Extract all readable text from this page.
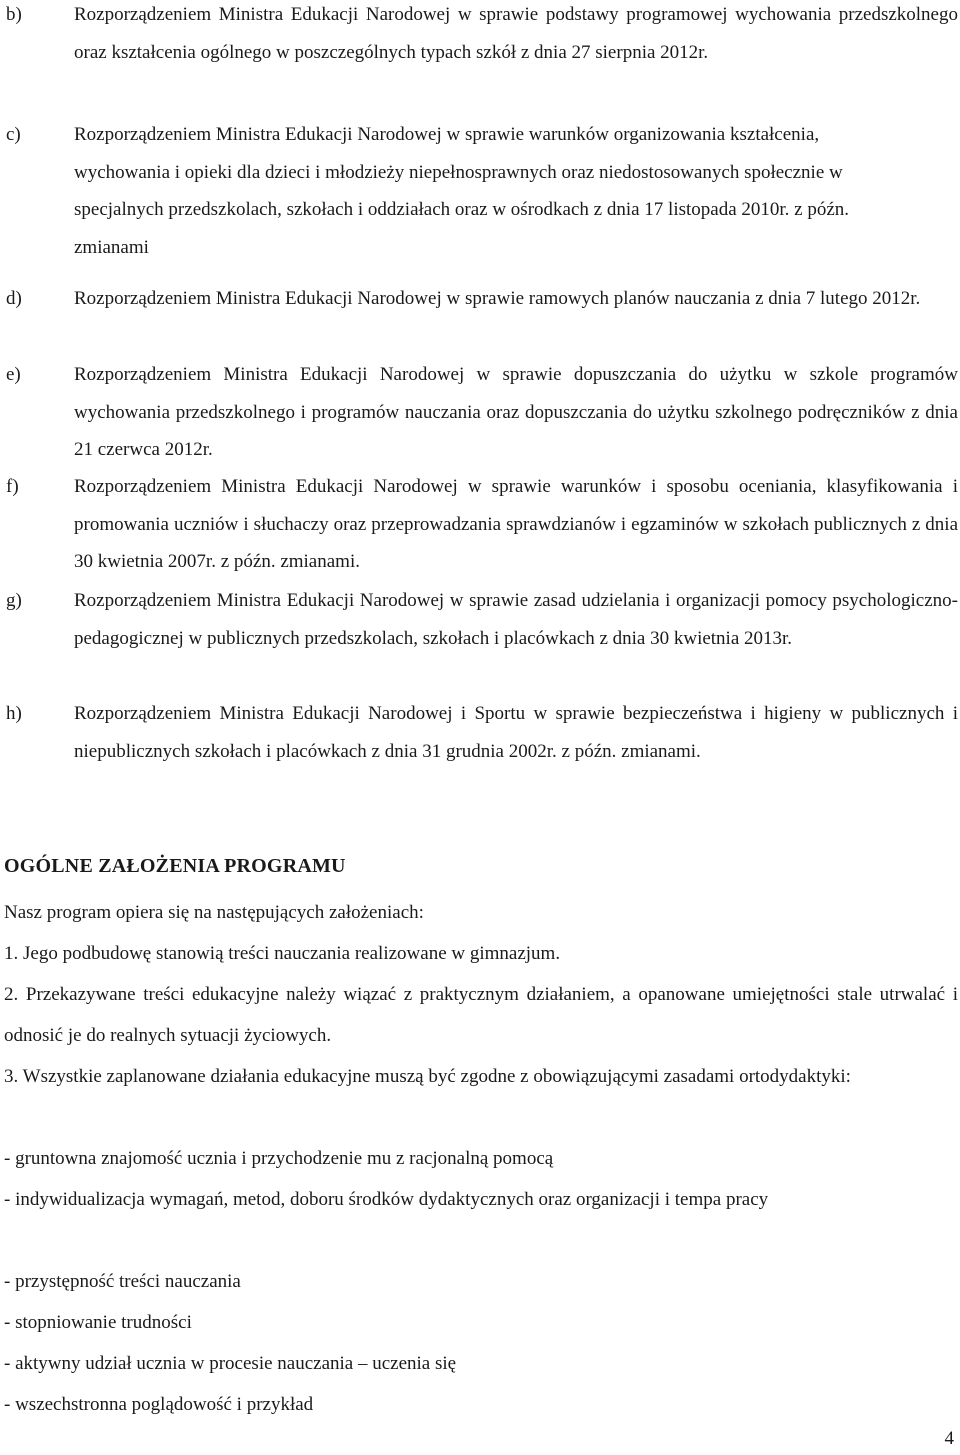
b)	Rozporządzeniem Ministra Edukacji Narodowej w sprawie podstawy programowej wychowania przedszkolnego oraz kształcenia ogólnego w poszczególnych typach szkół z dnia 27 sierpnia 2012r.
c)	Rozporządzeniem Ministra Edukacji Narodowej w sprawie warunków organizowania kształcenia, wychowania i opieki dla dzieci i młodzieży niepełnosprawnych oraz niedostosowanych społecznie w specjalnych przedszkolach, szkołach i oddziałach oraz w ośrodkach z dnia 17 listopada 2010r. z późn. zmianami
d)	Rozporządzeniem Ministra Edukacji Narodowej w sprawie ramowych planów nauczania z dnia 7 lutego 2012r.
e)	Rozporządzeniem Ministra Edukacji Narodowej w sprawie dopuszczania do użytku w szkole programów wychowania przedszkolnego i programów nauczania oraz dopuszczania do użytku szkolnego podręczników z dnia 21 czerwca 2012r.
f)	Rozporządzeniem Ministra Edukacji Narodowej w sprawie warunków i sposobu oceniania, klasyfikowania i promowania uczniów i słuchaczy oraz przeprowadzania sprawdzianów i egzaminów w szkołach publicznych z dnia 30 kwietnia 2007r. z późn. zmianami.
g)	Rozporządzeniem Ministra Edukacji Narodowej w sprawie zasad udzielania i organizacji pomocy psychologiczno-pedagogicznej w publicznych przedszkolach, szkołach i placówkach z dnia 30 kwietnia 2013r.
h)	Rozporządzeniem Ministra Edukacji Narodowej i Sportu w sprawie bezpieczeństwa i higieny w publicznych i niepublicznych szkołach i placówkach z dnia 31 grudnia 2002r. z późn. zmianami.
OGÓLNE ZAŁOŻENIA PROGRAMU

Nasz program opiera się na następujących założeniach:

1. Jego podbudowę stanowią treści nauczania realizowane w gimnazjum.

2. Przekazywane treści edukacyjne należy wiązać z praktycznym działaniem, a opanowane umiejętności stale utrwalać i odnosić je do realnych sytuacji życiowych.

3. Wszystkie zaplanowane działania edukacyjne muszą być zgodne z obowiązującymi zasadami ortodydaktyki:

- gruntowna znajomość ucznia i przychodzenie mu z racjonalną pomocą

- indywidualizacja wymagań, metod, doboru środków dydaktycznych oraz organizacji i tempa pracy

- przystępność treści nauczania

- stopniowanie trudności

- aktywny udział ucznia w procesie nauczania – uczenia się

- wszechstronna poglądowość i przykład

4
